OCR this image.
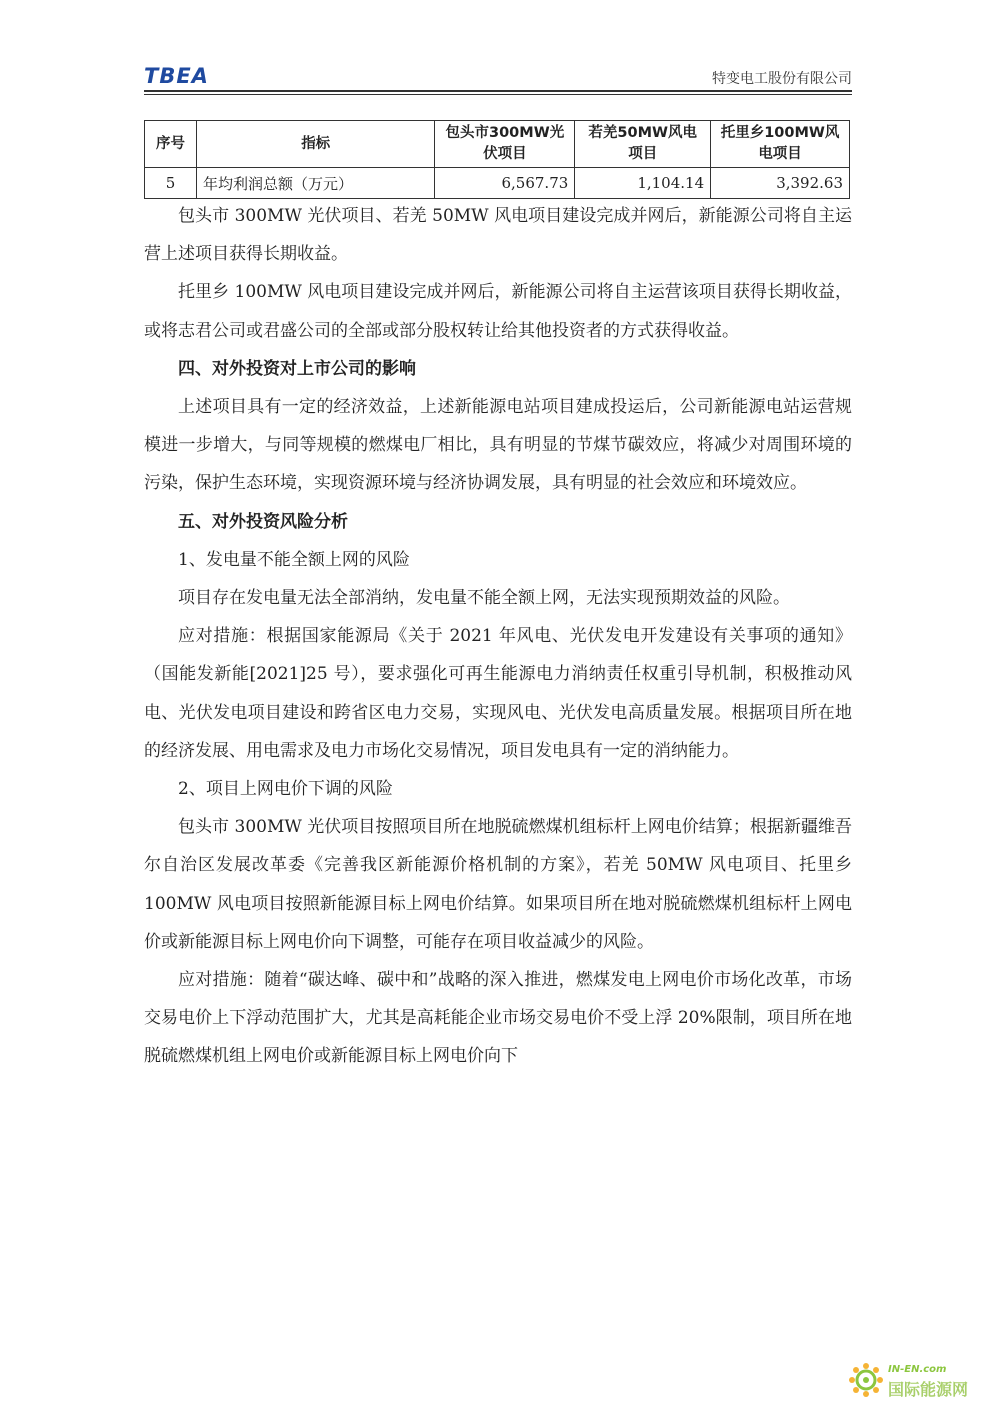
TBEA	特变电工股份有限公司
序号	指标	包头市300MW光伏项目	若羌50MW风电项目	托里乡100MW风电项目
5	年均利润总额（万元）	6,567.73	1,104.14	3,392.63

包头市 300MW 光伏项目、若羌 50MW 风电项目建设完成并网后，新能源公司将自主运营上述项目获得长期收益。

托里乡 100MW 风电项目建设完成并网后，新能源公司将自主运营该项目获得长期收益，或将志君公司或君盛公司的全部或部分股权转让给其他投资者的方式获得收益。

四、对外投资对上市公司的影响

上述项目具有一定的经济效益，上述新能源电站项目建成投运后，公司新能源电站运营规模进一步增大，与同等规模的燃煤电厂相比，具有明显的节煤节碳效应，将减少对周围环境的污染，保护生态环境，实现资源环境与经济协调发展，具有明显的社会效应和环境效应。

五、对外投资风险分析

1、发电量不能全额上网的风险

项目存在发电量无法全部消纳，发电量不能全额上网，无法实现预期效益的风险。

应对措施：根据国家能源局《关于 2021 年风电、光伏发电开发建设有关事项的通知》（国能发新能[2021]25 号），要求强化可再生能源电力消纳责任权重引导机制，积极推动风电、光伏发电项目建设和跨省区电力交易，实现风电、光伏发电高质量发展。根据项目所在地的经济发展、用电需求及电力市场化交易情况，项目发电具有一定的消纳能力。

2、项目上网电价下调的风险

包头市 300MW 光伏项目按照项目所在地脱硫燃煤机组标杆上网电价结算；根据新疆维吾尔自治区发展改革委《完善我区新能源价格机制的方案》，若羌 50MW 风电项目、托里乡 100MW 风电项目按照新能源目标上网电价结算。如果项目所在地对脱硫燃煤机组标杆上网电价或新能源目标上网电价向下调整，可能存在项目收益减少的风险。

应对措施：随着“碳达峰、碳中和”战略的深入推进，燃煤发电上网电价市场化改革，市场交易电价上下浮动范围扩大，尤其是高耗能企业市场交易电价不受上浮 20%限制，项目所在地脱硫燃煤机组上网电价或新能源目标上网电价向下

IN-EN.com
国际能源网
